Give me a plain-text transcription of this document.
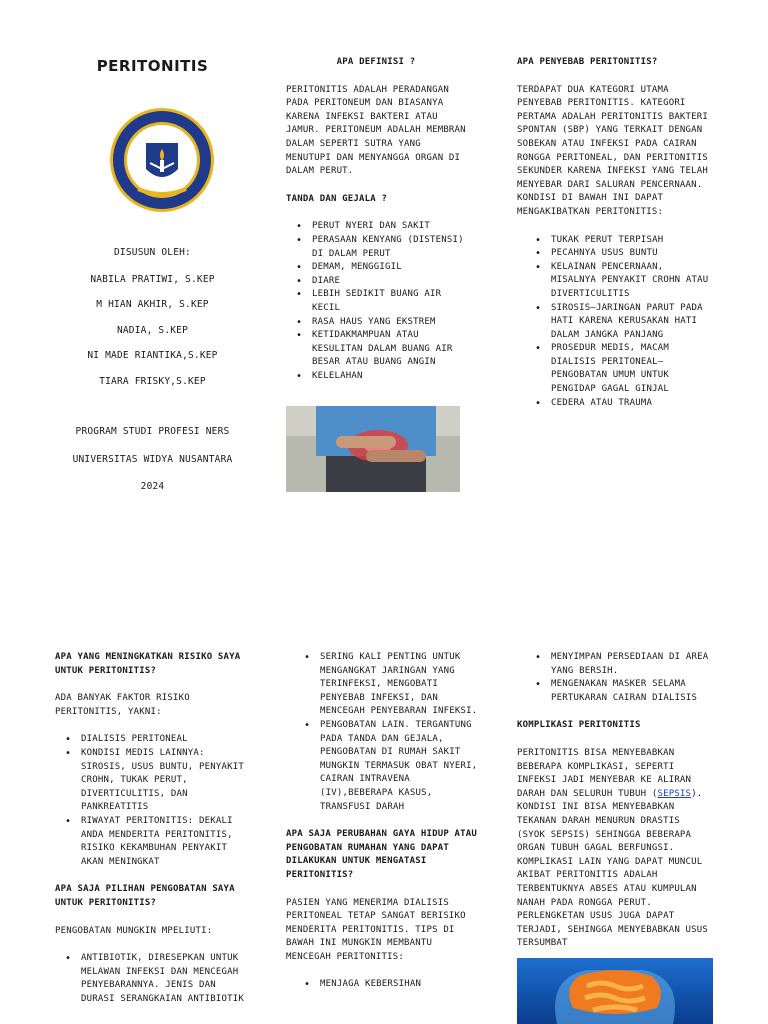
PERITONITIS

DISUSUN OLEH:

NABILA PRATIWI, S.KEP

M HIAN AKHIR, S.KEP

NADIA, S.KEP

NI MADE RIANTIKA,S.KEP

TIARA FRISKY,S.KEP

PROGRAM STUDI PROFESI NERS

UNIVERSITAS WIDYA NUSANTARA

2024

APA DEFINISI ?

PERITONITIS ADALAH PERADANGAN PADA PERITONEUM DAN BIASANYA KARENA INFEKSI BAKTERI ATAU JAMUR. PERITONEUM ADALAH MEMBRAN DALAM SEPERTI SUTRA YANG MENUTUPI DAN MENYANGGA ORGAN DI DALAM PERUT.

TANDA DAN GEJALA ?

• PERUT NYERI DAN SAKIT
• PERASAAN KENYANG (DISTENSI) DI DALAM PERUT
• DEMAM, MENGGIGIL
• DIARE
• LEBIH SEDIKIT BUANG AIR KECIL
• RASA HAUS YANG EKSTREM
• KETIDAKMAMPUAN ATAU KESULITAN DALAM BUANG AIR BESAR ATAU BUANG ANGIN
• KELELAHAN

APA PENYEBAB PERITONITIS?

TERDAPAT DUA KATEGORI UTAMA PENYEBAB PERITONITIS. KATEGORI PERTAMA ADALAH PERITONITIS BAKTERI SPONTAN (SBP) YANG TERKAIT DENGAN SOBEKAN ATAU INFEKSI PADA CAIRAN RONGGA PERITONEAL, DAN PERITONITIS SEKUNDER KARENA INFEKSI YANG TELAH MENYEBAR DARI SALURAN PENCERNAAN. KONDISI DI BAWAH INI DAPAT MENGAKIBATKAN PERITONITIS:

• TUKAK PERUT TERPISAH
• PECAHNYA USUS BUNTU
• KELAINAN PENCERNAAN, MISALNYA PENYAKIT CROHN ATAU DIVERTICULITIS
• SIROSIS—JARINGAN PARUT PADA HATI KARENA KERUSAKAN HATI DALAM JANGKA PANJANG
• PROSEDUR MEDIS, MACAM DIALISIS PERITONEAL—PENGOBATAN UMUM UNTUK PENGIDAP GAGAL GINJAL
• CEDERA ATAU TRAUMA

APA YANG MENINGKATKAN RISIKO SAYA UNTUK PERITONITIS?

ADA BANYAK FAKTOR RISIKO PERITONITIS, YAKNI:

• DIALISIS PERITONEAL
• KONDISI MEDIS LAINNYA: SIROSIS, USUS BUNTU, PENYAKIT CROHN, TUKAK PERUT, DIVERTICULITIS, DAN PANKREATITIS
• RIWAYAT PERITONITIS: DEKALI ANDA MENDERITA PERITONITIS, RISIKO KEKAMBUHAN PENYAKIT AKAN MENINGKAT

APA SAJA PILIHAN PENGOBATAN SAYA UNTUK PERITONITIS?

PENGOBATAN MUNGKIN MPELIUTI:

• ANTIBIOTIK, DIRESEPKAN UNTUK MELAWAN INFEKSI DAN MENCEGAH PENYEBARANNYA. JENIS DAN DURASI SERANGKAIAN ANTIBIOTIK
• SERING KALI PENTING UNTUK MENGANGKAT JARINGAN YANG TERINFEKSI, MENGOBATI PENYEBAB INFEKSI, DAN MENCEGAH PENYEBARAN INFEKSI.
• PENGOBATAN LAIN. TERGANTUNG PADA TANDA DAN GEJALA, PENGOBATAN DI RUMAH SAKIT MUNGKIN TERMASUK OBAT NYERI, CAIRAN INTRAVENA (IV),BEBERAPA KASUS, TRANSFUSI DARAH

APA SAJA PERUBAHAN GAYA HIDUP ATAU PENGOBATAN RUMAHAN YANG DAPAT DILAKUKAN UNTUK MENGATASI PERITONITIS?

PASIEN YANG MENERIMA DIALISIS PERITONEAL TETAP SANGAT BERISIKO MENDERITA PERITONITIS. TIPS DI BAWAH INI MUNGKIN MEMBANTU MENCEGAH PERITONITIS:

• MENJAGA KEBERSIHAN
• MENYIMPAN PERSEDIAAN DI AREA YANG BERSIH.
• MENGENAKAN MASKER SELAMA PERTUKARAN CAIRAN DIALISIS

KOMPLIKASI PERITONITIS

PERITONITIS BISA MENYEBABKAN BEBERAPA KOMPLIKASI, SEPERTI INFEKSI JADI MENYEBAR KE ALIRAN DARAH DAN SELURUH TUBUH (SEPSIS). KONDISI INI BISA MENYEBABKAN TEKANAN DARAH MENURUN DRASTIS (SYOK SEPSIS) SEHINGGA BEBERAPA ORGAN TUBUH GAGAL BERFUNGSI. KOMPLIKASI LAIN YANG DAPAT MUNCUL AKIBAT PERITONITIS ADALAH TERBENTUKNYA ABSES ATAU KUMPULAN NANAH PADA RONGGA PERUT. PERLENGKETAN USUS JUGA DAPAT TERJADI, SEHINGGA MENYEBABKAN USUS TERSUMBAT
